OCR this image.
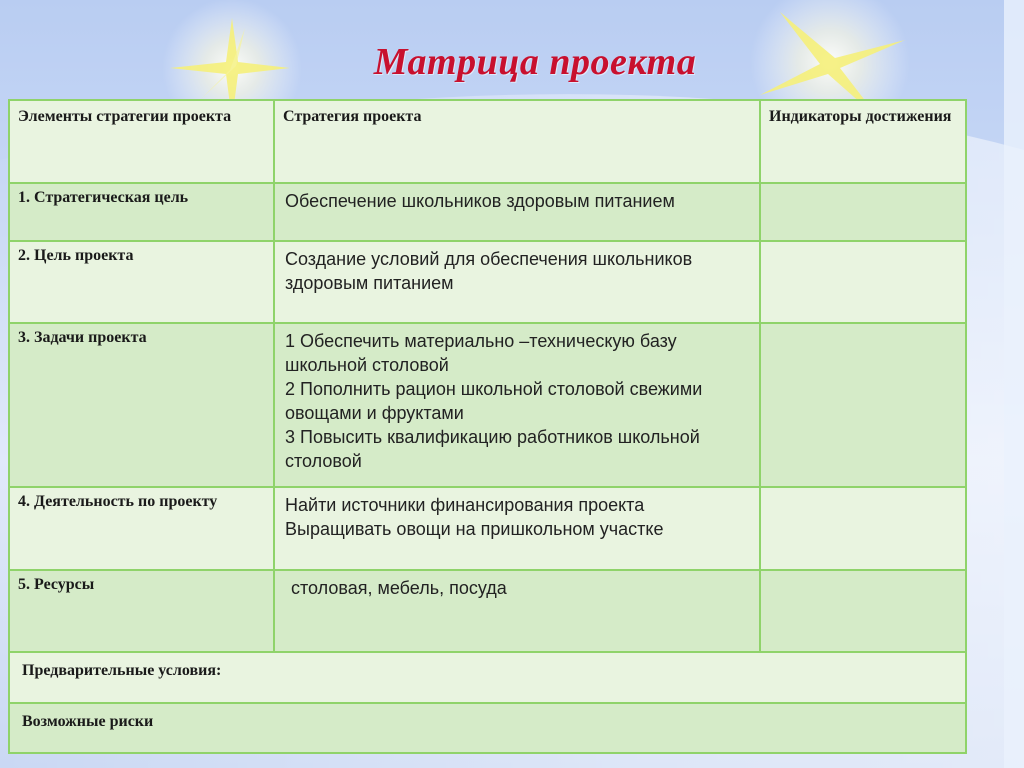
Матрица проекта
Элементы стратегии проекта	Стратегия проекта	Индикаторы достижения

1. Стратегическая цель	Обеспечение школьников здоровым питанием	

2. Цель проекта	Создание условий для обеспечения школьников здоровым питанием	

3. Задачи проекта	1 Обеспечить материально –техническую базу школьной столовой
2 Пополнить рацион школьной столовой свежими овощами и фруктами
3 Повысить квалификацию работников школьной столовой	

4. Деятельность по проекту	Найти источники финансирования проекта
Выращивать овощи на пришкольном участке	

5. Ресурсы	столовая, мебель, посуда	

Предварительные условия:		

Возможные риски		
